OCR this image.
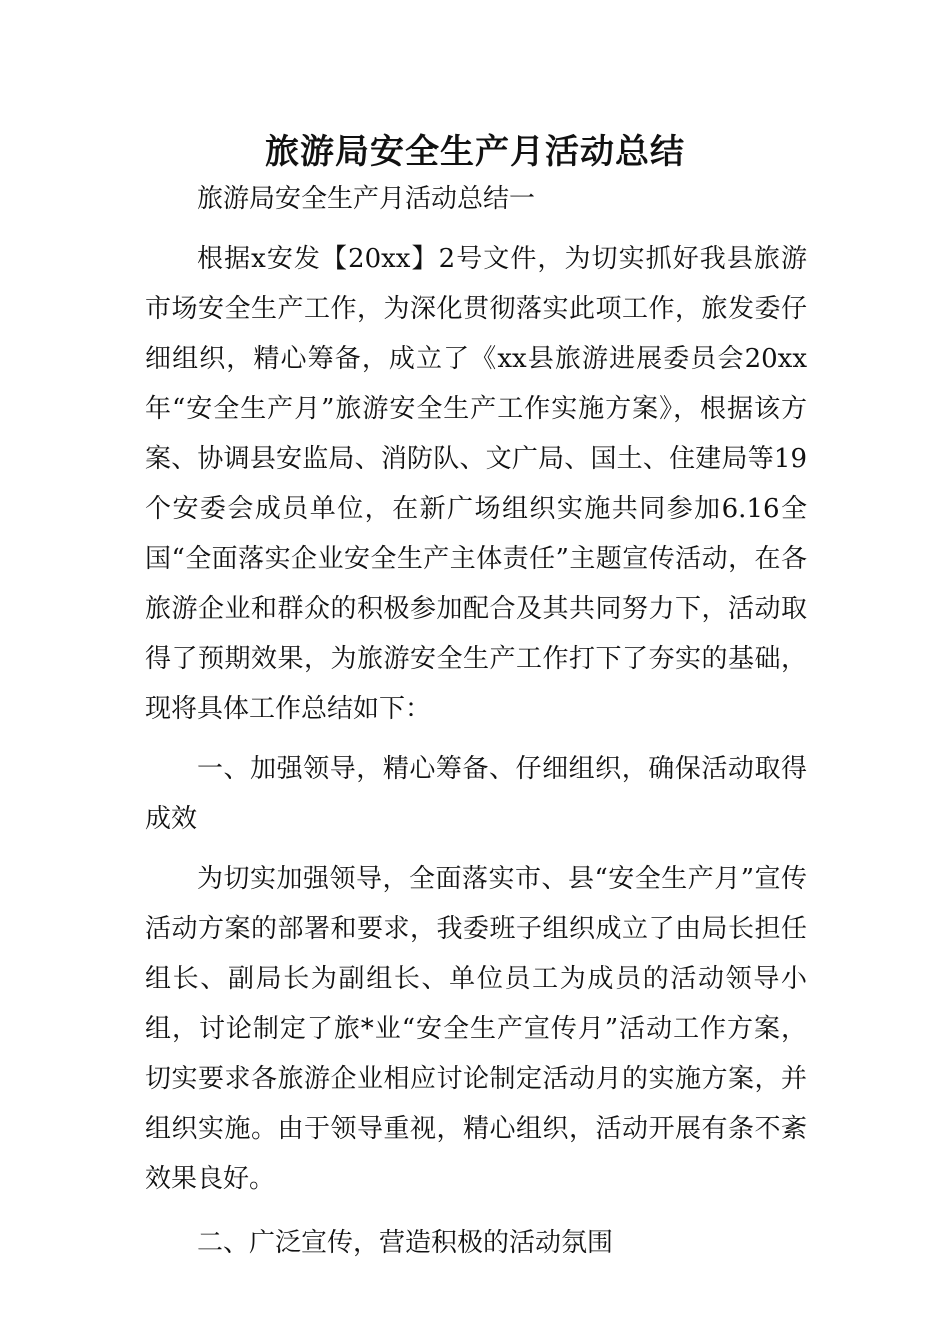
旅游局安全生产月活动总结

旅游局安全生产月活动总结一

根据x安发【20xx】2号文件，为切实抓好我县旅游市场安全生产工作，为深化贯彻落实此项工作，旅发委仔细组织，精心筹备，成立了《xx县旅游进展委员会20xx年“安全生产月”旅游安全生产工作实施方案》，根据该方案、协调县安监局、消防队、文广局、国土、住建局等19个安委会成员单位，在新广场组织实施共同参加6.16全国“全面落实企业安全生产主体责任”主题宣传活动，在各旅游企业和群众的积极参加配合及其共同努力下，活动取得了预期效果，为旅游安全生产工作打下了夯实的基础，现将具体工作总结如下：

一、加强领导，精心筹备、仔细组织，确保活动取得成效

为切实加强领导，全面落实市、县“安全生产月”宣传活动方案的部署和要求，我委班子组织成立了由局长担任组长、副局长为副组长、单位员工为成员的活动领导小组，讨论制定了旅*业“安全生产宣传月”活动工作方案，切实要求各旅游企业相应讨论制定活动月的实施方案，并组织实施。由于领导重视，精心组织，活动开展有条不紊效果良好。

二、广泛宣传，营造积极的活动氛围
